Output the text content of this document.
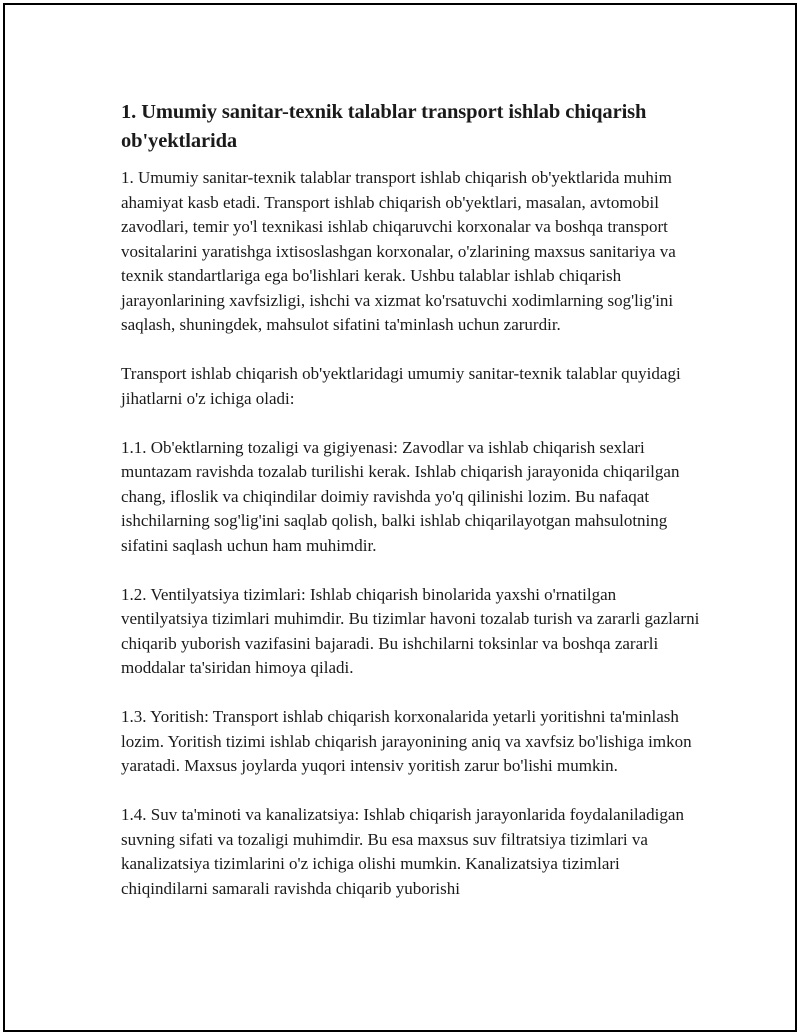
1. Umumiy sanitar-texnik talablar transport ishlab chiqarish ob'yektlarida

1. Umumiy sanitar-texnik talablar transport ishlab chiqarish ob'yektlarida muhim ahamiyat kasb etadi. Transport ishlab chiqarish ob'yektlari, masalan, avtomobil zavodlari, temir yo'l texnikasi ishlab chiqaruvchi korxonalar va boshqa transport vositalarini yaratishga ixtisoslashgan korxonalar, o'zlarining maxsus sanitariya va texnik standartlariga ega bo'lishlari kerak. Ushbu talablar ishlab chiqarish jarayonlarining xavfsizligi, ishchi va xizmat ko'rsatuvchi xodimlarning sog'lig'ini saqlash, shuningdek, mahsulot sifatini ta'minlash uchun zarurdir.

Transport ishlab chiqarish ob'yektlaridagi umumiy sanitar-texnik talablar quyidagi jihatlarni o'z ichiga oladi:

1.1. Ob'ektlarning tozaligi va gigiyenasi: Zavodlar va ishlab chiqarish sexlari muntazam ravishda tozalab turilishi kerak. Ishlab chiqarish jarayonida chiqarilgan chang, ifloslik va chiqindilar doimiy ravishda yo'q qilinishi lozim. Bu nafaqat ishchilarning sog'lig'ini saqlab qolish, balki ishlab chiqarilayotgan mahsulotning sifatini saqlash uchun ham muhimdir.

1.2. Ventilyatsiya tizimlari: Ishlab chiqarish binolarida yaxshi o'rnatilgan ventilyatsiya tizimlari muhimdir. Bu tizimlar havoni tozalab turish va zararli gazlarni chiqarib yuborish vazifasini bajaradi. Bu ishchilarni toksinlar va boshqa zararli moddalar ta'siridan himoya qiladi.

1.3. Yoritish: Transport ishlab chiqarish korxonalarida yetarli yoritishni ta'minlash lozim. Yoritish tizimi ishlab chiqarish jarayonining aniq va xavfsiz bo'lishiga imkon yaratadi. Maxsus joylarda yuqori intensiv yoritish zarur bo'lishi mumkin.

1.4. Suv ta'minoti va kanalizatsiya: Ishlab chiqarish jarayonlarida foydalaniladigan suvning sifati va tozaligi muhimdir. Bu esa maxsus suv filtratsiya tizimlari va kanalizatsiya tizimlarini o'z ichiga olishi mumkin. Kanalizatsiya tizimlari chiqindilarni samarali ravishda chiqarib yuborishi
